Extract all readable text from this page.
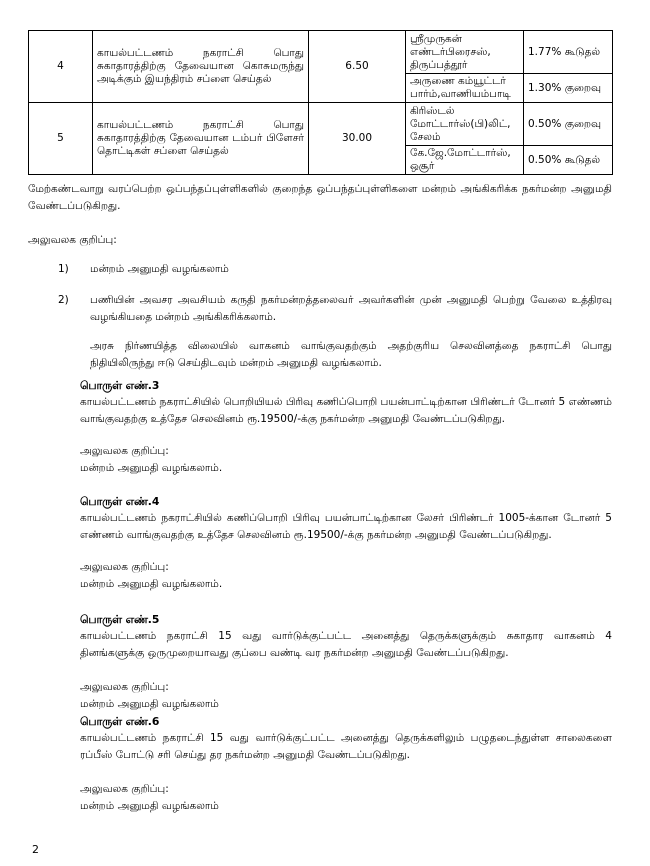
4	காயல்பட்டணம் நகராட்சி பொது சுகாதாரத்திற்கு தேவையான கொசுமருந்து அடிக்கும் இயந்திரம் சப்ளை செய்தல்	6.50	ஸ்ரீமுருகன் எண்டர்பிரைசஸ், திருப்பத்தூர்	1.77% கூடுதல்
			அருணை கம்யூட்டர் பார்ம்,வாணியம்பாடி	1.30% குறைவு
5	காயல்பட்டணம் நகராட்சி பொது சுகாதாரத்திற்கு தேவையான டம்பர் பிளேசர் தொட்டிகள் சப்ளை செய்தல்	30.00	கிரிஸ்டல் மோட்டார்ஸ்(பி)லிட், சேலம்	0.50% குறைவு
			கே.ஜே.மோட்டார்ஸ், ஒசூர்	0.50% கூடுதல்
மேற்கண்டவாறு வரப்பெற்ற ஒப்பந்தப்புள்ளிகளில் குறைந்த ஒப்பந்தப்புள்ளிகளை மன்றம் அங்கிகரிக்க நகர்மன்ற அனுமதி வேண்டப்படுகிறது.
அலுவலக குறிப்பு:
1) மன்றம் அனுமதி வழங்கலாம்
2) பணியின் அவசர அவசியம் கருதி நகர்மன்றத்தலைவர் அவர்களின் முன் அனுமதி பெற்று வேலை உத்திரவு வழங்கியதை மன்றம் அங்கிகரிக்கலாம்.
அரசு நிர்ணயித்த விலையில் வாகனம் வாங்குவதற்கும் அதற்குரிய செலவினத்தை நகராட்சி பொது நிதியிலிருந்து ஈடு செய்திடவும் மன்றம் அனுமதி வழங்கலாம்.
பொருள் எண்.3
காயல்பட்டணம் நகராட்சியில் பொறியியல் பிரிவு கணிப்பொறி பயன்பாட்டிற்கான பிரிண்டர் டோனர் 5 எண்ணம் வாங்குவதற்கு உத்தேச செலவினம் ரூ.19500/-க்கு நகர்மன்ற அனுமதி வேண்டப்படுகிறது.
அலுவலக குறிப்பு:
மன்றம் அனுமதி வழங்கலாம்.
பொருள் எண்.4
காயல்பட்டணம் நகராட்சியில் கணிப்பொறி பிரிவு பயன்பாட்டிற்கான லேசர் பிரிண்டர் 1005-க்கான டோனர் 5 எண்ணம் வாங்குவதற்கு உத்தேச செலவினம் ரூ.19500/-க்கு நகர்மன்ற அனுமதி வேண்டப்படுகிறது.
அலுவலக குறிப்பு:
மன்றம் அனுமதி வழங்கலாம்.
பொருள் எண்.5
காயல்பட்டணம் நகராட்சி 15 வது வார்டுக்குட்பட்ட அனைத்து தெருக்களுக்கும் சுகாதார வாகனம் 4 தினங்களுக்கு ஒருமுறையாவது குப்பை வண்டி வர நகர்மன்ற அனுமதி வேண்டப்படுகிறது.
அலுவலக குறிப்பு:
மன்றம் அனுமதி வழங்கலாம்
பொருள் எண்.6
காயல்பட்டணம் நகராட்சி 15 வது வார்டுக்குட்பட்ட அனைத்து தெருக்களிலும் பழுதடைந்துள்ள சாலைகளை ரப்பீஸ் போட்டு சரி செய்து தர நகர்மன்ற அனுமதி வேண்டப்படுகிறது.
அலுவலக குறிப்பு:
மன்றம் அனுமதி வழங்கலாம்
2
